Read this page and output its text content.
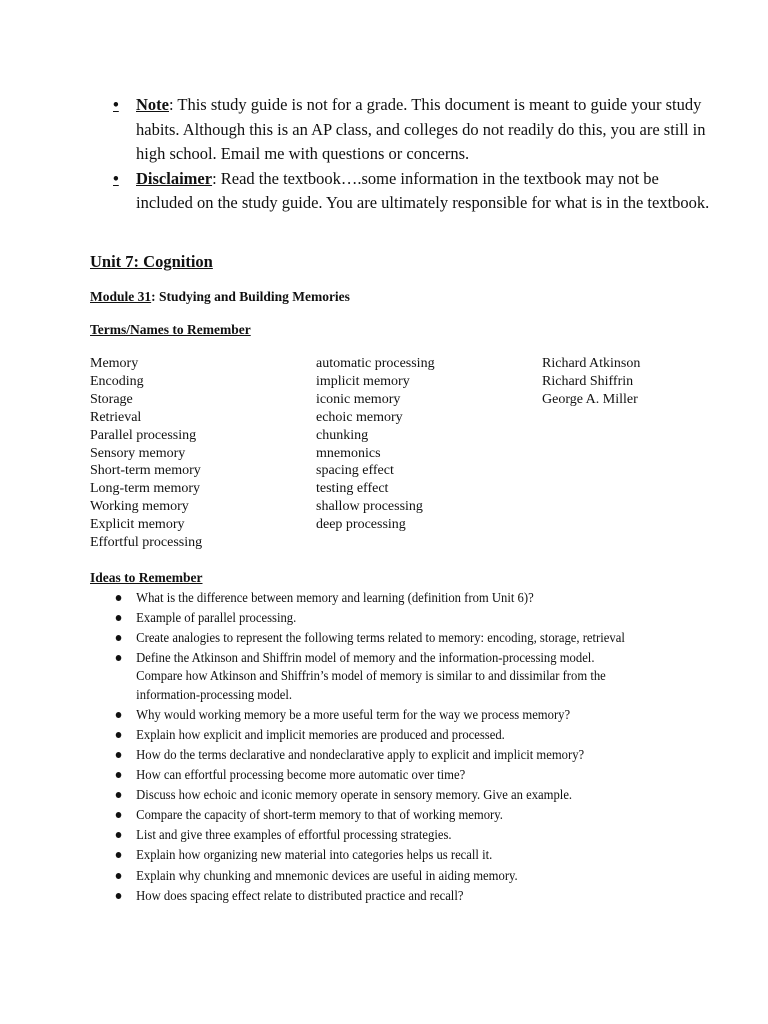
• Note: This study guide is not for a grade. This document is meant to guide your study habits. Although this is an AP class, and colleges do not readily do this, you are still in high school. Email me with questions or concerns.
• Disclaimer: Read the textbook….some information in the textbook may not be included on the study guide. You are ultimately responsible for what is in the textbook.
Unit 7: Cognition
Module 31: Studying and Building Memories
Terms/Names to Remember
Memory
Encoding
Storage
Retrieval
Parallel processing
Sensory memory
Short-term memory
Long-term memory
Working memory
Explicit memory
Effortful processing
automatic processing
implicit memory
iconic memory
echoic memory
chunking
mnemonics
spacing effect
testing effect
shallow processing
deep processing
Richard Atkinson
Richard Shiffrin
George A. Miller
Ideas to Remember
What is the difference between memory and learning (definition from Unit 6)?
Example of parallel processing.
Create analogies to represent the following terms related to memory: encoding, storage, retrieval
Define the Atkinson and Shiffrin model of memory and the information-processing model. Compare how Atkinson and Shiffrin’s model of memory is similar to and dissimilar from the information-processing model.
Why would working memory be a more useful term for the way we process memory?
Explain how explicit and implicit memories are produced and processed.
How do the terms declarative and nondeclarative apply to explicit and implicit memory?
How can effortful processing become more automatic over time?
Discuss how echoic and iconic memory operate in sensory memory. Give an example.
Compare the capacity of short-term memory to that of working memory.
List and give three examples of effortful processing strategies.
Explain how organizing new material into categories helps us recall it.
Explain why chunking and mnemonic devices are useful in aiding memory.
How does spacing effect relate to distributed practice and recall?
